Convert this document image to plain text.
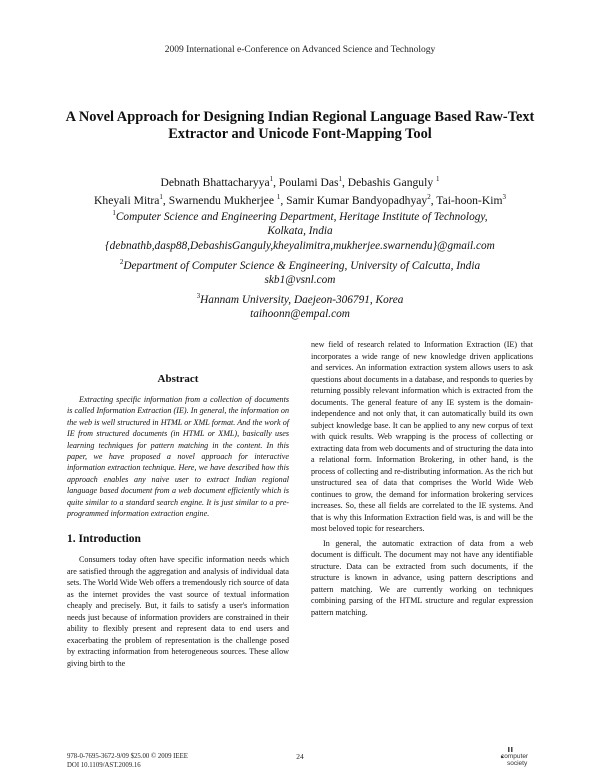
2009 International e-Conference on Advanced Science and Technology
A Novel Approach for Designing Indian Regional Language Based Raw-Text
Extractor and Unicode Font-Mapping Tool
Debnath Bhattacharyya$^1$, Poulami Das$^1$, Debashis Ganguly $^1$
Kheyali Mitra$^1$, Swarnendu Mukherjee $^1$, Samir Kumar Bandyopadhyay$^2$, Tai-hoon-Kim$^3$
$^1$Computer Science and Engineering Department, Heritage Institute of Technology,
Kolkata, India
{debnathb,dasp88,DebashisGanguly,kheyalimitra,mukherjee.swarnendu}@gmail.com
$^2$Department of Computer Science & Engineering, University of Calcutta, India
skb1@vsnl.com
$^3$Hannam University, Daejeon-306791, Korea
taihoonn@empal.com
Abstract

Extracting specific information from a collection of documents is called Information Extraction (IE). In general, the information on the web is well structured in HTML or XML format. And the work of IE from structured documents (in HTML or XML), basically uses learning techniques for pattern matching in the content. In this paper, we have proposed a novel approach for interactive information extraction technique. Here, we have described how this approach enables any naive user to extract Indian regional language based document from a web document efficiently which is quite similar to a standard search engine. It is just similar to a pre-programmed information extraction engine.

1. Introduction

Consumers today often have specific information needs which are satisfied through the aggregation and analysis of individual data sets. The World Wide Web offers a tremendously rich source of data as the internet provides the vast source of textual information cheaply and precisely. But, it fails to satisfy a user's information needs just because of information providers are constrained in their ability to flexibly present and represent data to end users and exacerbating the problem of representation is the challenge posed by extracting information from heterogeneous sources. These allow giving birth to the

new field of research related to Information Extraction (IE) that incorporates a wide range of new knowledge driven applications and services. An information extraction system allows users to ask questions about documents in a database, and responds to queries by returning possibly relevant information which is extracted from the documents. The general feature of any IE system is the domain-independence and not only that, it can automatically build its own subject knowledge base. It can be applied to any new corpus of text with quick results. Web wrapping is the process of collecting or extracting data from web documents and of structuring the data into a relational form. Information Brokering, in other hand, is the process of collecting and re-distributing information. As the rich but unstructured sea of data that comprises the World Wide Web continues to grow, the demand for information brokering services increases. So, these all fields are correlated to the IE systems. And that is why this Information Extraction field was, is and will be the most beloved topic for researchers.

In general, the automatic extraction of data from a web document is difficult. The document may not have any identifiable structure. Data can be extracted from such documents, if the structure is known in advance, using pattern descriptions and pattern matching. We are currently working on techniques combining parsing of the HTML structure and regular expression pattern matching.

978-0-7695-3672-9/09 $25.00 © 2009 IEEE
DOI 10.1109/AST.2009.16
24	computer
society
